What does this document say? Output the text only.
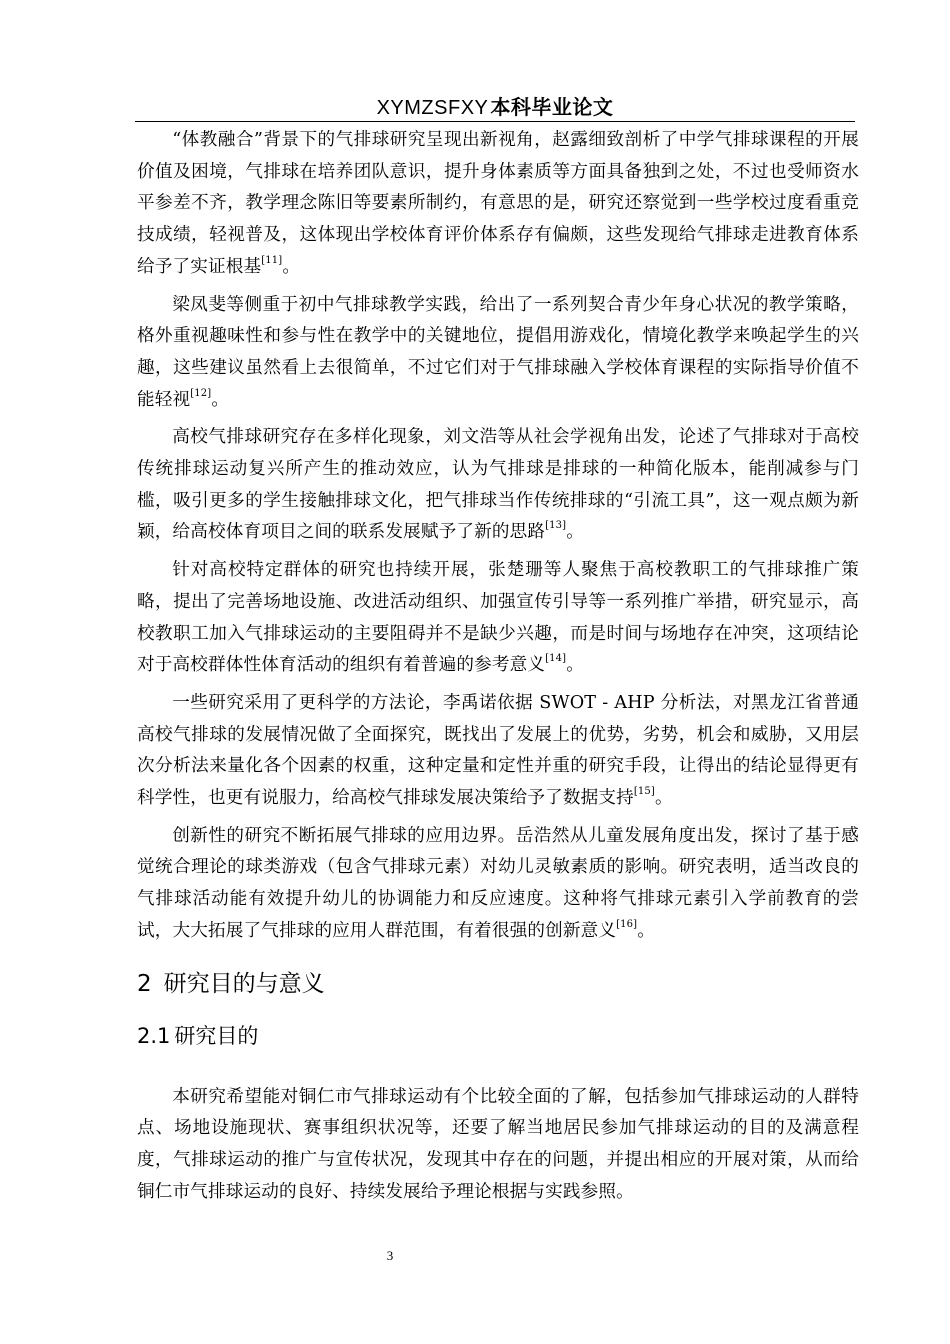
XYMZSFXY 本科毕业论文

“体教融合”背景下的气排球研究呈现出新视角，赵露细致剖析了中学气排球课程的开展价值及困境，气排球在培养团队意识，提升身体素质等方面具备独到之处，不过也受师资水平参差不齐，教学理念陈旧等要素所制约，有意思的是，研究还察觉到一些学校过度看重竞技成绩，轻视普及，这体现出学校体育评价体系存有偏颇，这些发现给气排球走进教育体系给予了实证根基[11]。

梁凤斐等侧重于初中气排球教学实践，给出了一系列契合青少年身心状况的教学策略，格外重视趣味性和参与性在教学中的关键地位，提倡用游戏化，情境化教学来唤起学生的兴趣，这些建议虽然看上去很简单，不过它们对于气排球融入学校体育课程的实际指导价值不能轻视[12]。

高校气排球研究存在多样化现象，刘文浩等从社会学视角出发，论述了气排球对于高校传统排球运动复兴所产生的推动效应，认为气排球是排球的一种简化版本，能削减参与门槛，吸引更多的学生接触排球文化，把气排球当作传统排球的“引流工具”，这一观点颇为新颖，给高校体育项目之间的联系发展赋予了新的思路[13]。

针对高校特定群体的研究也持续开展，张楚珊等人聚焦于高校教职工的气排球推广策略，提出了完善场地设施、改进活动组织、加强宣传引导等一系列推广举措，研究显示，高校教职工加入气排球运动的主要阻碍并不是缺少兴趣，而是时间与场地存在冲突，这项结论对于高校群体性体育活动的组织有着普遍的参考意义[14]。

一些研究采用了更科学的方法论，李禹诺依据 SWOT - AHP 分析法，对黑龙江省普通高校气排球的发展情况做了全面探究，既找出了发展上的优势，劣势，机会和威胁，又用层次分析法来量化各个因素的权重，这种定量和定性并重的研究手段，让得出的结论显得更有科学性，也更有说服力，给高校气排球发展决策给予了数据支持[15]。

创新性的研究不断拓展气排球的应用边界。岳浩然从儿童发展角度出发，探讨了基于感觉统合理论的球类游戏（包含气排球元素）对幼儿灵敏素质的影响。研究表明，适当改良的气排球活动能有效提升幼儿的协调能力和反应速度。这种将气排球元素引入学前教育的尝试，大大拓展了气排球的应用人群范围，有着很强的创新意义[16]。

2 研究目的与意义
2.1 研究目的

本研究希望能对铜仁市气排球运动有个比较全面的了解，包括参加气排球运动的人群特点、场地设施现状、赛事组织状况等，还要了解当地居民参加气排球运动的目的及满意程度，气排球运动的推广与宣传状况，发现其中存在的问题，并提出相应的开展对策，从而给铜仁市气排球运动的良好、持续发展给予理论根据与实践参照。

3
